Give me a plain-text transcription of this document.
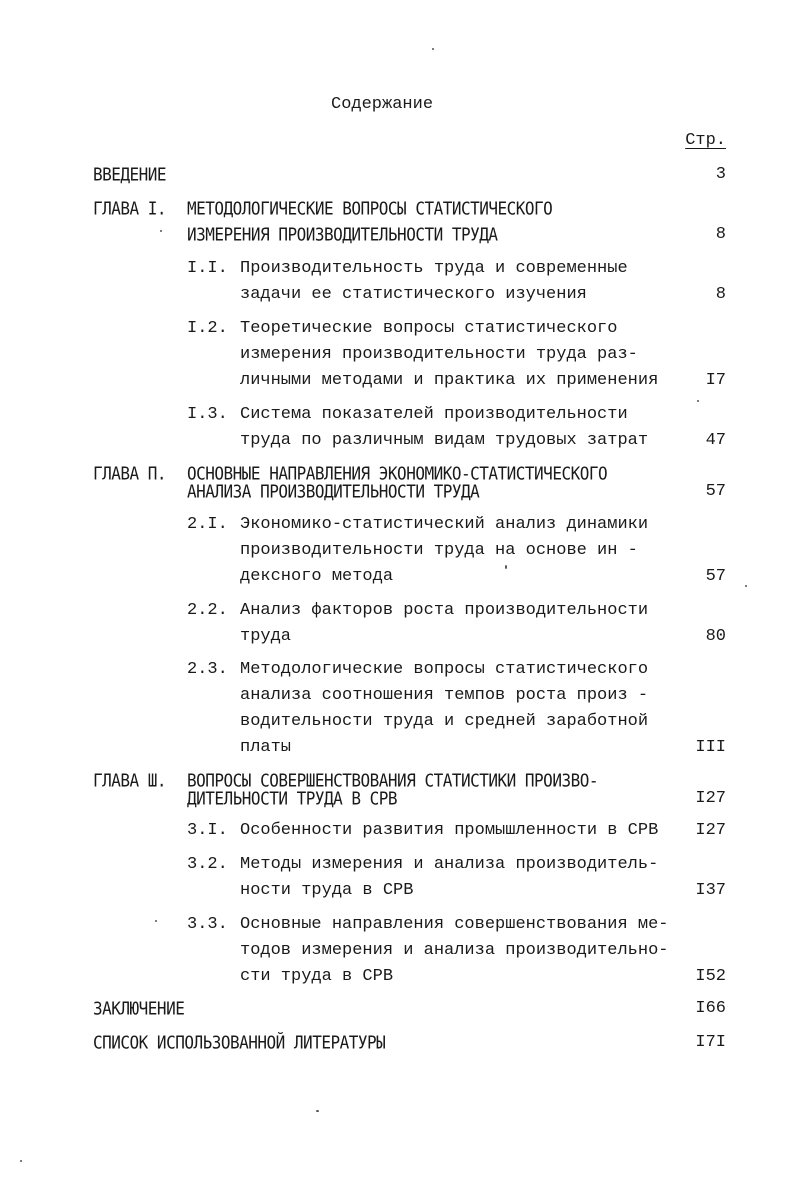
Содержание
Стр.
ВВЕДЕНИЕ	3
ГЛАВА I. МЕТОДОЛОГИЧЕСКИЕ ВОПРОСЫ СТАТИСТИЧЕСКОГО
ИЗМЕРЕНИЯ ПРОИЗВОДИТЕЛЬНОСТИ ТРУДА	8
I.I. Производительность труда и современные
задачи ее статистического изучения	8
I.2. Теоретические вопросы статистического
измерения производительности труда раз-
личными методами и практика их применения	I7
I.3. Система показателей производительности
труда по различным видам трудовых затрат	47
ГЛАВА П. ОСНОВНЫЕ НАПРАВЛЕНИЯ ЭКОНОМИКО-СТАТИСТИЧЕСКОГО
АНАЛИЗА ПРОИЗВОДИТЕЛЬНОСТИ ТРУДА	57
2.I. Экономико-статистический анализ динамики
производительности труда на основе ин -
дексного метода	57
2.2. Анализ факторов роста производительности
труда	80
2.3. Методологические вопросы статистического
анализа соотношения темпов роста произ -
водительности труда и средней заработной
платы	III
ГЛАВА Ш. ВОПРОСЫ СОВЕРШЕНСТВОВАНИЯ СТАТИСТИКИ ПРОИЗВО-
ДИТЕЛЬНОСТИ ТРУДА В СРВ	I27
3.I. Особенности развития промышленности в СРВ	I27
3.2. Методы измерения и анализа производитель-
ности труда в СРВ	I37
3.3. Основные направления совершенствования ме-
тодов измерения и анализа производительно-
сти труда в СРВ	I52
ЗАКЛЮЧЕНИЕ	I66
СПИСОК ИСПОЛЬЗОВАННОЙ ЛИТЕРАТУРЫ	I7I
